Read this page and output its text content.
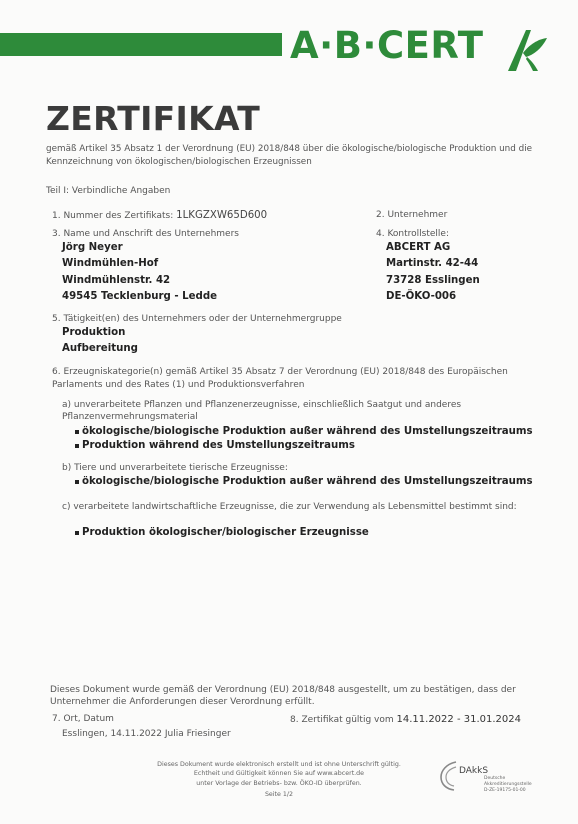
A·B·CERT
ZERTIFIKAT
gemäß Artikel 35 Absatz 1 der Verordnung (EU) 2018/848 über die ökologische/biologische Produktion und die Kennzeichnung von ökologischen/biologischen Erzeugnissen
Teil I: Verbindliche Angaben
1. Nummer des Zertifikats: 1LKGZXW65D600	2. Unternehmer
3. Name und Anschrift des Unternehmers
Jörg Neyer
Windmühlen-Hof
Windmühlenstr. 42
49545 Tecklenburg - Ledde
4. Kontrollstelle:
ABCERT AG
Martinstr. 42-44
73728 Esslingen
DE-ÖKO-006
5. Tätigkeit(en) des Unternehmers oder der Unternehmergruppe
Produktion
Aufbereitung
6. Erzeugniskategorie(n) gemäß Artikel 35 Absatz 7 der Verordnung (EU) 2018/848 des Europäischen Parlaments und des Rates (1) und Produktionsverfahren
a) unverarbeitete Pflanzen und Pflanzenerzeugnisse, einschließlich Saatgut und anderes Pflanzenvermehrungsmaterial
ökologische/biologische Produktion außer während des Umstellungszeitraums
Produktion während des Umstellungszeitraums
b) Tiere und unverarbeitete tierische Erzeugnisse:
ökologische/biologische Produktion außer während des Umstellungszeitraums
c) verarbeitete landwirtschaftliche Erzeugnisse, die zur Verwendung als Lebensmittel bestimmt sind:
Produktion ökologischer/biologischer Erzeugnisse
Dieses Dokument wurde gemäß der Verordnung (EU) 2018/848 ausgestellt, um zu bestätigen, dass der Unternehmer die Anforderungen dieser Verordnung erfüllt.
7. Ort, Datum
Esslingen, 14.11.2022 Julia Friesinger
8. Zertifikat gültig vom 14.11.2022 - 31.01.2024
Dieses Dokument wurde elektronisch erstellt und ist ohne Unterschrift gültig.
Echtheit und Gültigkeit können Sie auf www.abcert.de
unter Vorlage der Betriebs- bzw. ÖKO-ID überprüfen.
Seite 1/2
DAkkS
Deutsche
Akkreditierungsstelle
D-ZE-19175-01-00
